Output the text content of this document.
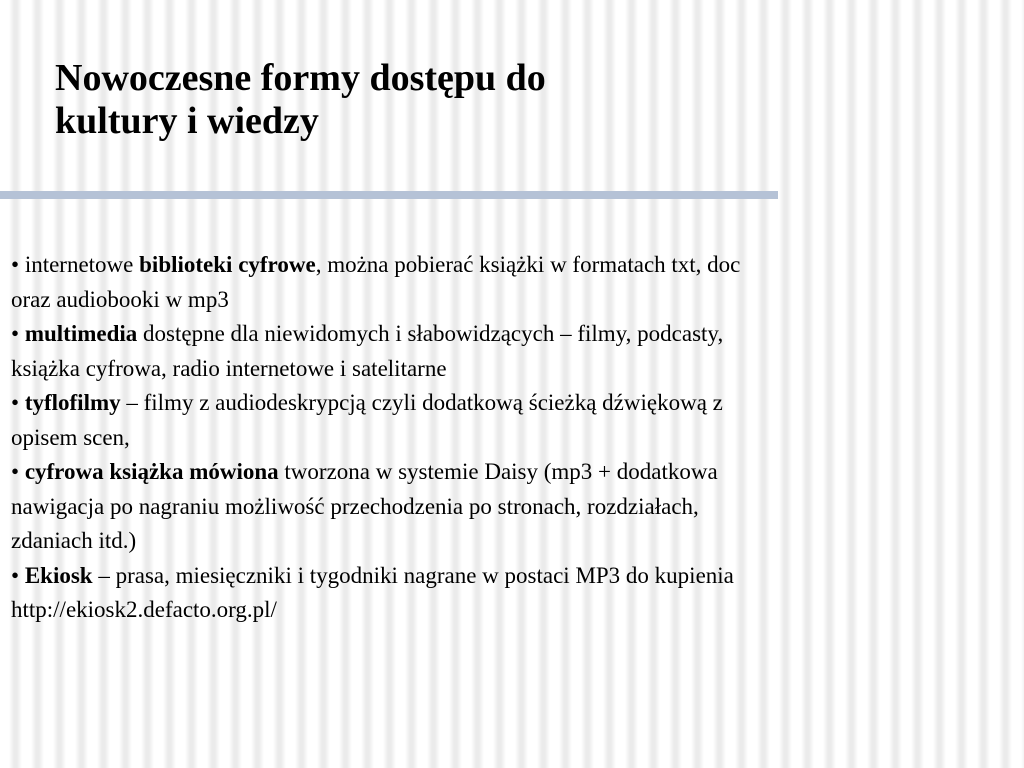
Nowoczesne formy dostępu do
kultury i wiedzy

• internetowe biblioteki cyfrowe, można pobierać książki w formatach txt, doc
oraz audiobooki w mp3

• multimedia dostępne dla niewidomych i słabowidzących – filmy, podcasty,
książka cyfrowa, radio internetowe i satelitarne

• tyflofilmy – filmy z audiodeskrypcją czyli dodatkową ścieżką dźwiękową z
opisem scen,

• cyfrowa książka mówiona tworzona w systemie Daisy (mp3 + dodatkowa
nawigacja po nagraniu możliwość przechodzenia po stronach, rozdziałach,
zdaniach itd.)

• Ekiosk – prasa, miesięczniki i tygodniki nagrane w postaci MP3 do kupienia
http://ekiosk2.defacto.org.pl/
